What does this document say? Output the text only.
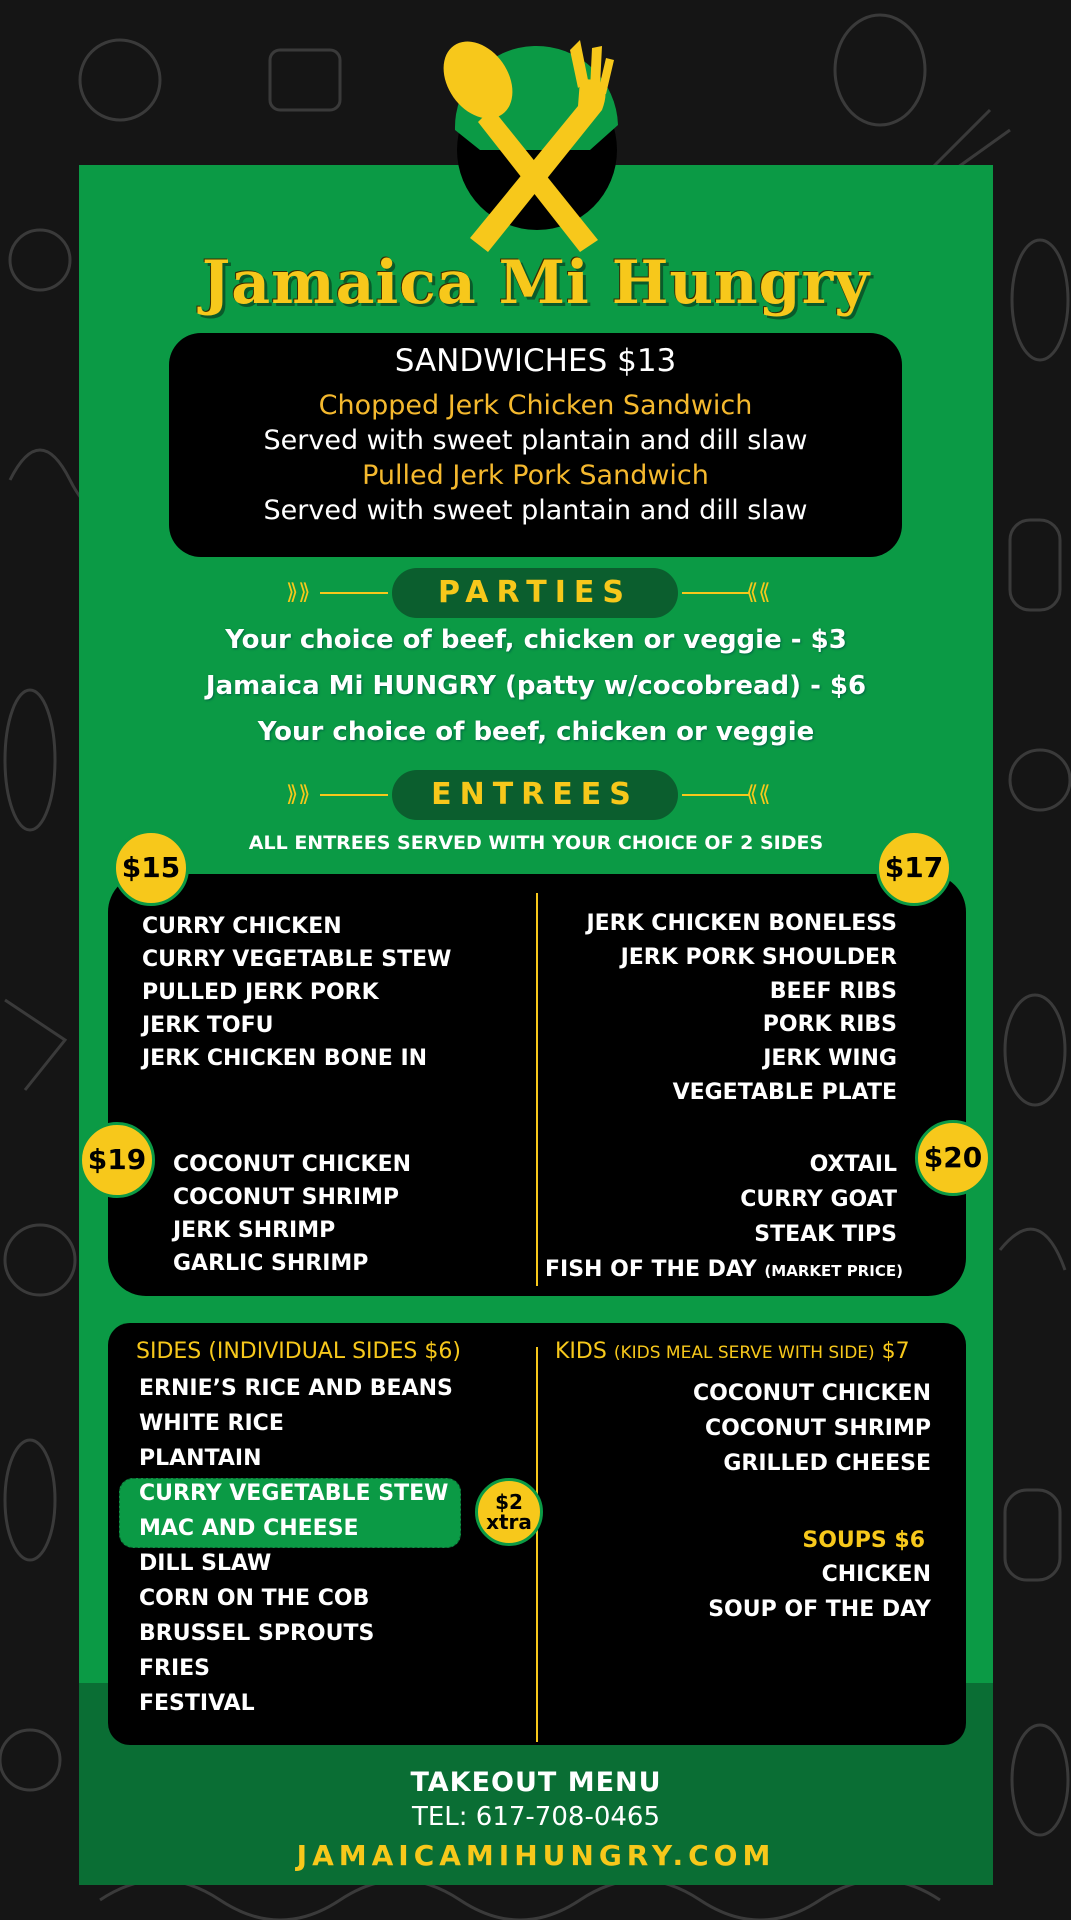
Jamaica Mi Hungry
SANDWICHES $13
Chopped Jerk Chicken Sandwich
Served with sweet plantain and dill slaw
Pulled Jerk Pork Sandwich
Served with sweet plantain and dill slaw
⟫⟫	PARTIES	⟪⟪
Your choice of beef, chicken or veggie - $3
Jamaica Mi HUNGRY (patty w/cocobread) - $6
Your choice of beef, chicken or veggie
⟫⟫	ENTREES	⟪⟪
ALL ENTREES SERVED WITH YOUR CHOICE OF 2 SIDES
$15	$17
$19	$20
CURRY CHICKEN
CURRY VEGETABLE STEW
PULLED JERK PORK
JERK TOFU
JERK CHICKEN BONE IN
JERK CHICKEN BONELESS
JERK PORK SHOULDER
BEEF RIBS
PORK RIBS
JERK WING
VEGETABLE PLATE
COCONUT CHICKEN
COCONUT SHRIMP
JERK SHRIMP
GARLIC SHRIMP
OXTAIL
CURRY GOAT
STEAK TIPS
FISH OF THE DAY (MARKET PRICE)
$2
xtra
SIDES (INDIVIDUAL SIDES $6)
ERNIE’S RICE AND BEANS
WHITE RICE
PLANTAIN
CURRY VEGETABLE STEW
MAC AND CHEESE
DILL SLAW
CORN ON THE COB
BRUSSEL SPROUTS
FRIES
FESTIVAL
KIDS (KIDS MEAL SERVE WITH SIDE) $7
COCONUT CHICKEN
COCONUT SHRIMP
GRILLED CHEESE
SOUPS $6
CHICKEN
SOUP OF THE DAY
TAKEOUT MENU
TEL: 617-708-0465
JAMAICAMIHUNGRY.COM
